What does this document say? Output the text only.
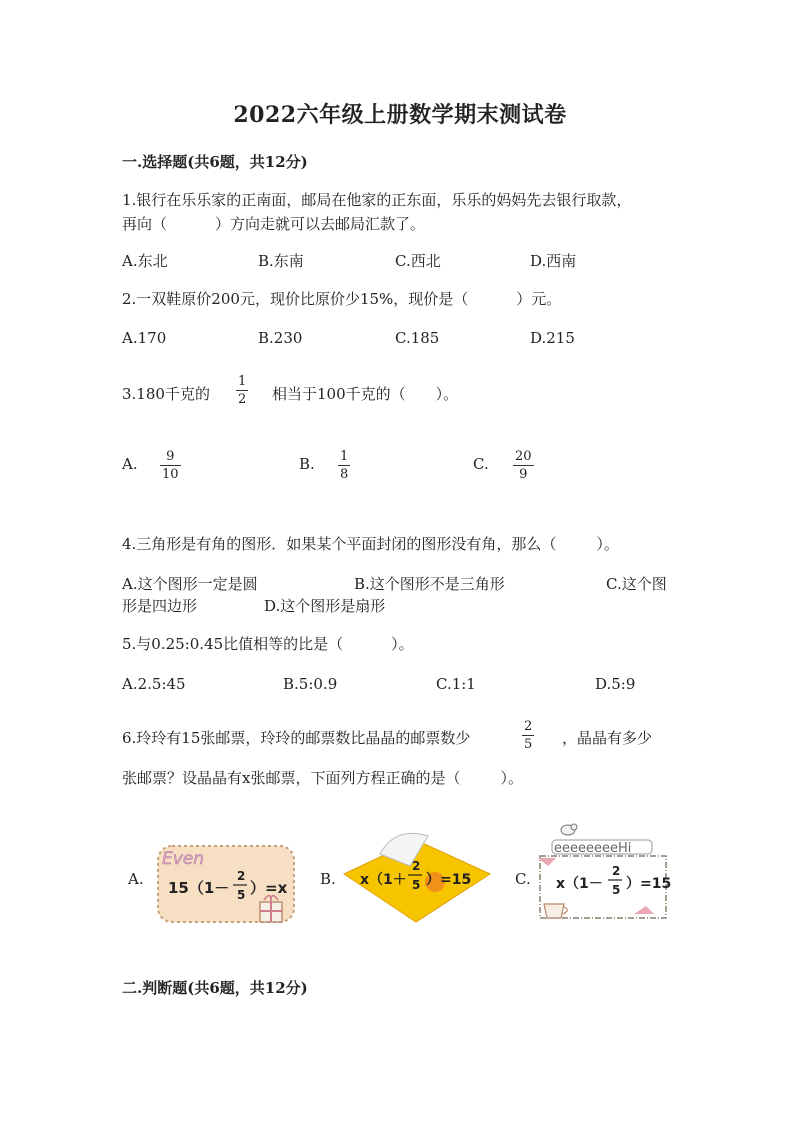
2022六年级上册数学期末测试卷
一.选择题(共6题，共12分)
1.银行在乐乐家的正南面，邮局在他家的正东面，乐乐的妈妈先去银行取款，
再向（	）方向走就可以去邮局汇款了。
A.东北	B.东南	C.西北	D.西南
2.一双鞋原价200元，现价比原价少15%，现价是（	）元。
A.170	B.230	C.185	D.215
3.180千克的
1
2 相当于100千克的（ ）。
A. 9
10
B. 1
8
C. 20
9
4.三角形是有角的图形．如果某个平面封闭的图形没有角，那么（	）。
A.这个图形一定是圆	B.这个图形不是三角形	C.这个图
形是四边形	D.这个图形是扇形
5.与0.25:0.45比值相等的比是（	）。
A.2.5:45	B.5:0.9	C.1:1	D.5:9
6.玲玲有15张邮票，玲玲的邮票数比晶晶的邮票数少
2
5 ，晶晶有多少
张邮票？设晶晶有x张邮票，下面列方程正确的是（	）。
A.	B.	C.
Even
15（1－
2
5 ）=x	x（1＋
2
5 ）=15
eeeeeeeeHi
x（1－
2
5 ）=15
二.判断题(共6题，共12分)
